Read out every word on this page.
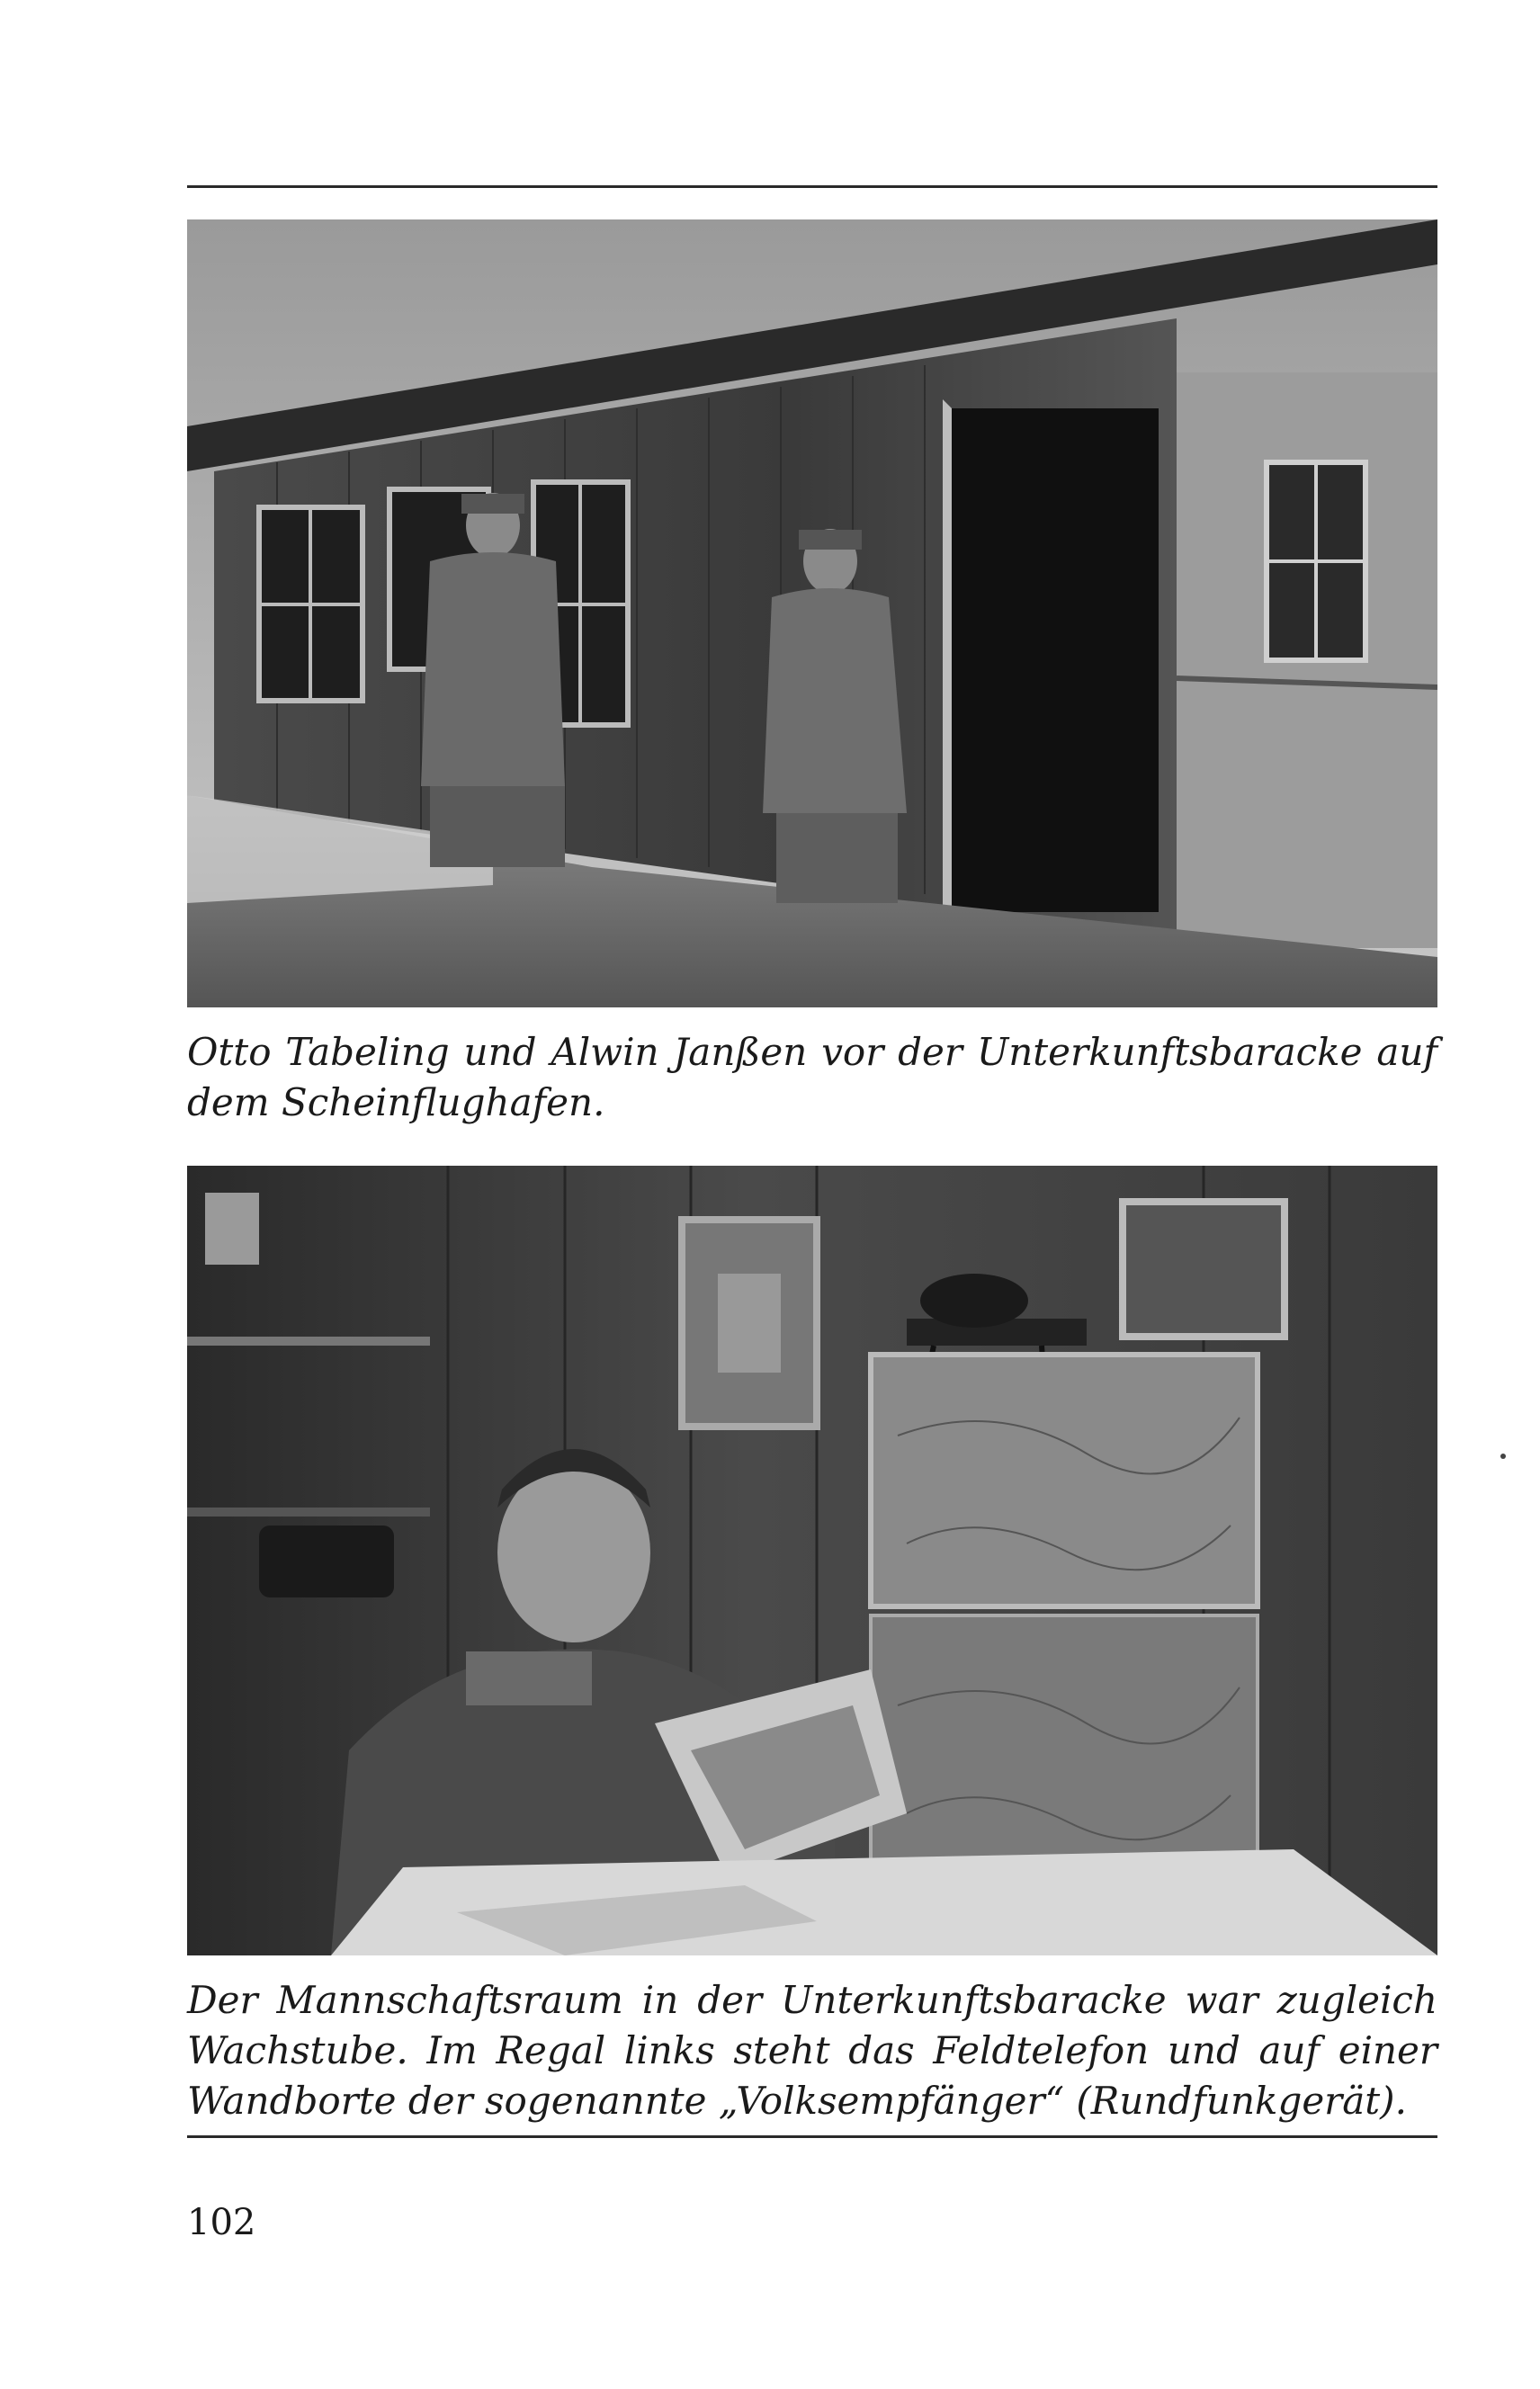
Otto Tabeling und Alwin Janßen vor der Unterkunftsbaracke auf dem Scheinflughafen.
Der Mannschaftsraum in der Unterkunftsbaracke war zugleich Wachstube. Im Regal links steht das Feldtelefon und auf einer Wandborte der sogenannte „Volksempfänger“ (Rundfunkgerät).
102
